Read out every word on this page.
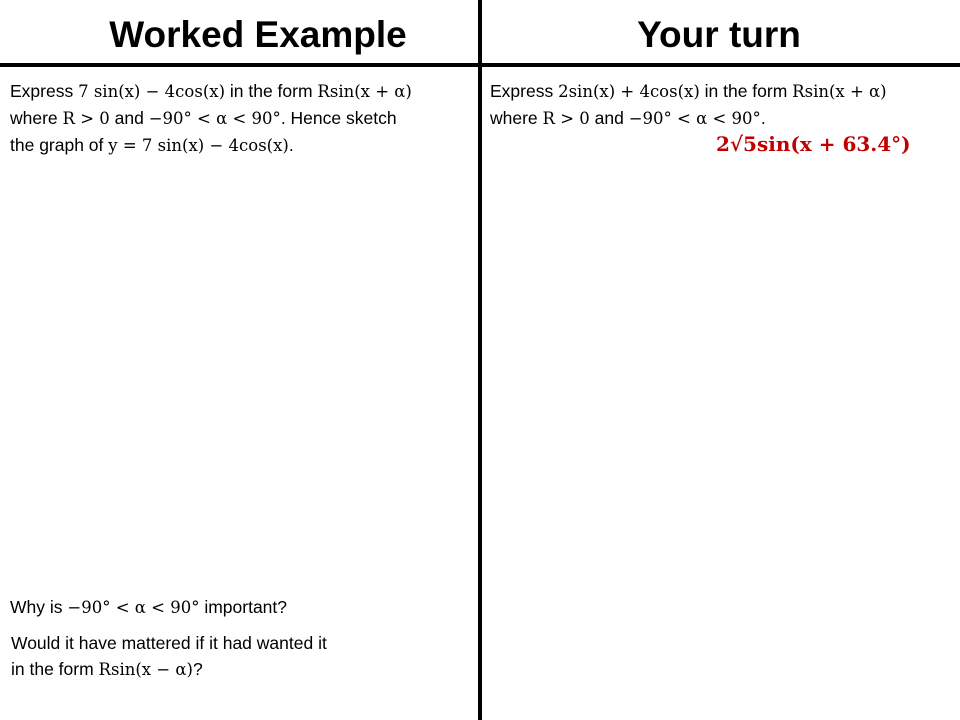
Worked Example	Your turn
Express 7 sin(x) − 4cos(x) in the form Rsin(x + α)
where R > 0 and −90° < α < 90°. Hence sketch
the graph of y = 7 sin(x) − 4cos(x).
Express 2sin(x) + 4cos(x) in the form Rsin(x + α)
where R > 0 and −90° < α < 90°.
2√5sin(x + 63.4°)
Why is −90° < α < 90° important?
Would it have mattered if it had wanted it
in the form Rsin(x − α)?
